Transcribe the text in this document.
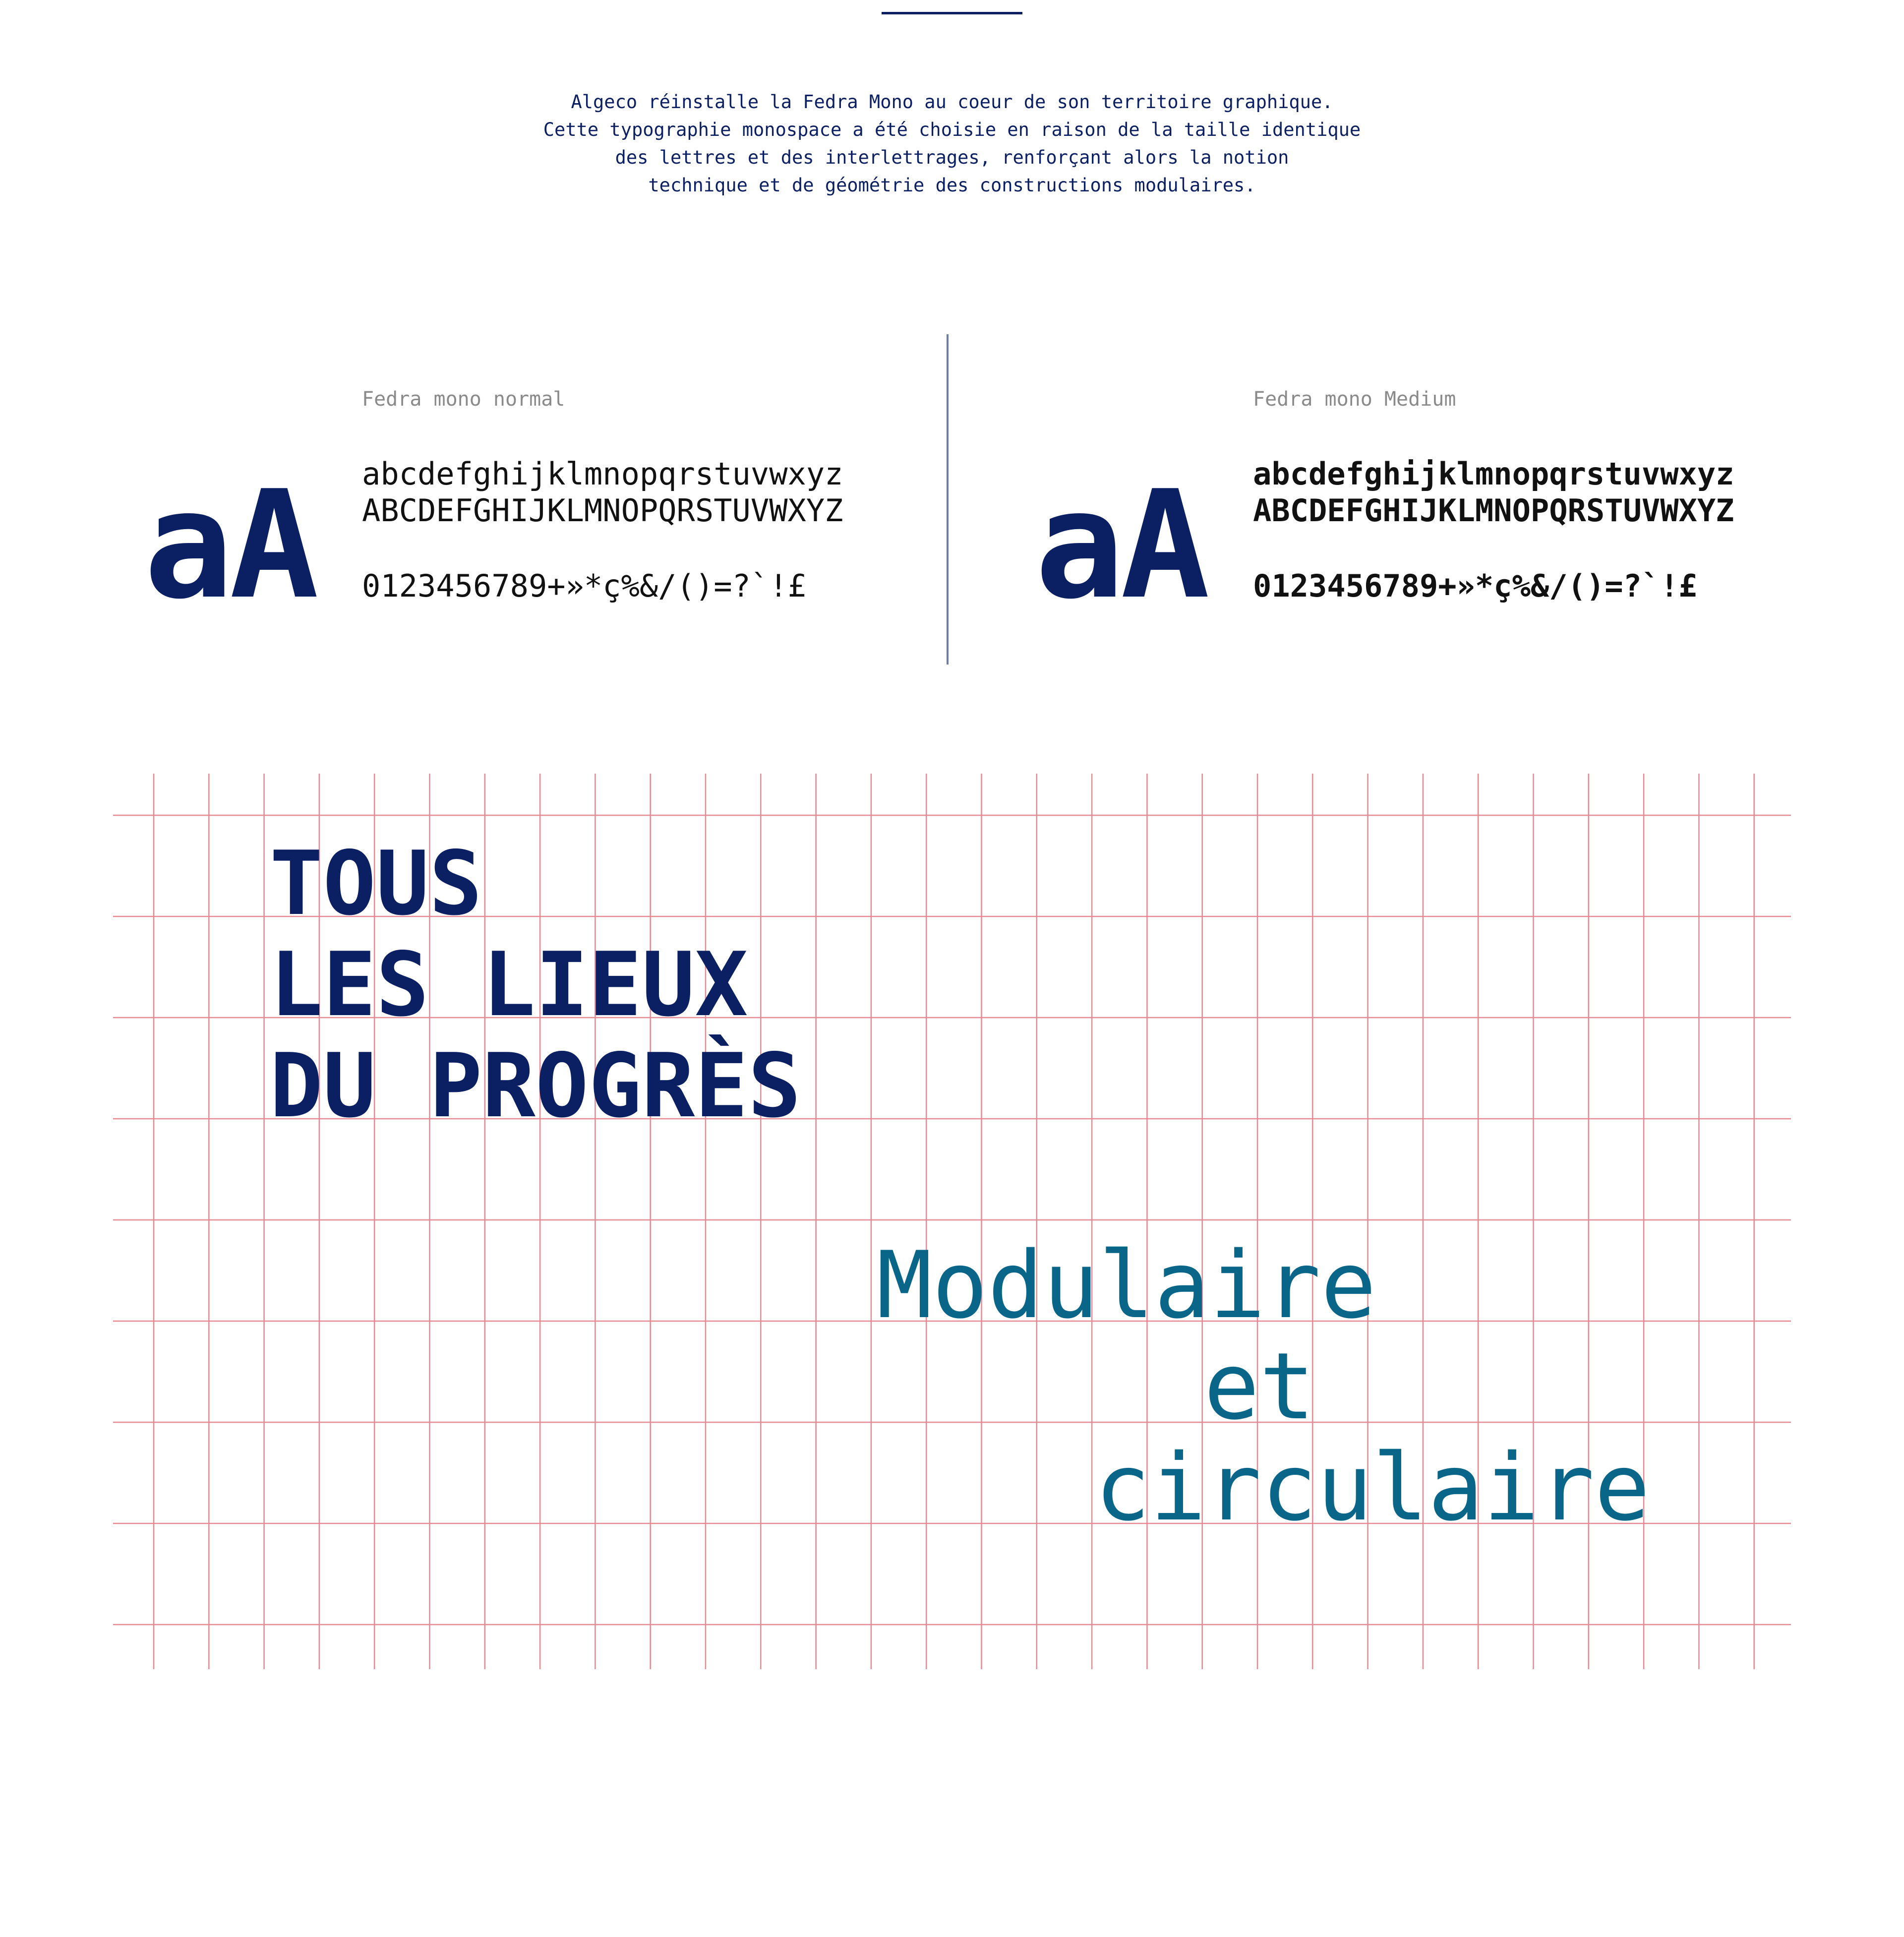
Algeco réinstalle la Fedra Mono au coeur de son territoire graphique.
Cette typographie monospace a été choisie en raison de la taille identique
des lettres et des interlettrages, renforçant alors la notion
technique et de géométrie des constructions modulaires.

Fedra mono normal
aA abcdefghijklmnopqrstuvwxyz
ABCDEFGHIJKLMNOPQRSTUVWXYZ
0123456789+»*ç%&/()=?`!£
Fedra mono Medium
aA abcdefghijklmnopqrstuvwxyz
ABCDEFGHIJKLMNOPQRSTUVWXYZ
0123456789+»*ç%&/()=?`!£
TOUS
LES LIEUX
DU PROGRÈS

Modulaire

et

circulaire
